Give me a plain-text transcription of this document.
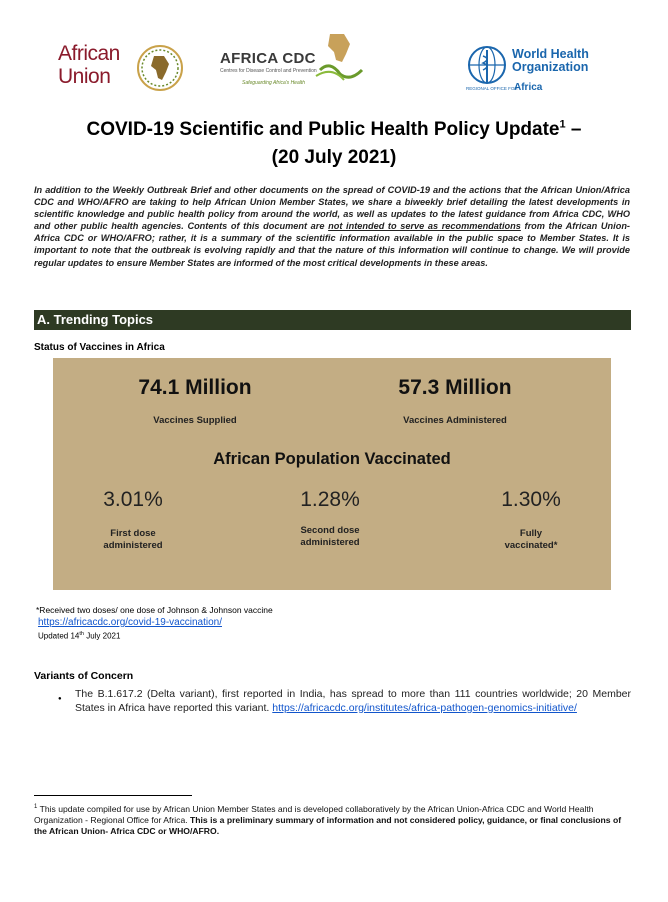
African Union
AFRICA CDC
Centres for Disease Control and Prevention
Safeguarding Africa's Health
World Health Organization
REGIONAL OFFICE FOR
Africa
COVID-19 Scientific and Public Health Policy Update$^1$ –
(20 July 2021)
In addition to the Weekly Outbreak Brief and other documents on the spread of COVID-19 and the actions that the African Union/Africa CDC and WHO/AFRO are taking to help African Union Member States, we share a biweekly brief detailing the latest developments in scientific knowledge and public health policy from around the world, as well as updates to the latest guidance from Africa CDC, WHO and other public health agencies. Contents of this document are not intended to serve as recommendations from the African Union-Africa CDC or WHO/AFRO; rather, it is a summary of the scientific information available in the public space to Member States. It is important to note that the outbreak is evolving rapidly and that the nature of this information will continue to change. We will provide regular updates to ensure Member States are informed of the most critical developments in these areas.
A. Trending Topics
Status of Vaccines in Africa
74.1 Million
Vaccines Supplied
57.3 Million
Vaccines Administered
African Population Vaccinated
3.01%
First dose administered
1.28%
Second dose administered
1.30%
Fully vaccinated*
*Received two doses/ one dose of Johnson & Johnson vaccine
https://africacdc.org/covid-19-vaccination/
Updated 14th July 2021
Variants of Concern
● The B.1.617.2 (Delta variant), first reported in India, has spread to more than 111 countries worldwide; 20 Member States in Africa have reported this variant. https://africacdc.org/institutes/africa-pathogen-genomics-initiative/
$^1$ This update compiled for use by African Union Member States and is developed collaboratively by the African Union-Africa CDC and World Health Organization - Regional Office for Africa. This is a preliminary summary of information and not considered policy, guidance, or final conclusions of the African Union- Africa CDC or WHO/AFRO.
